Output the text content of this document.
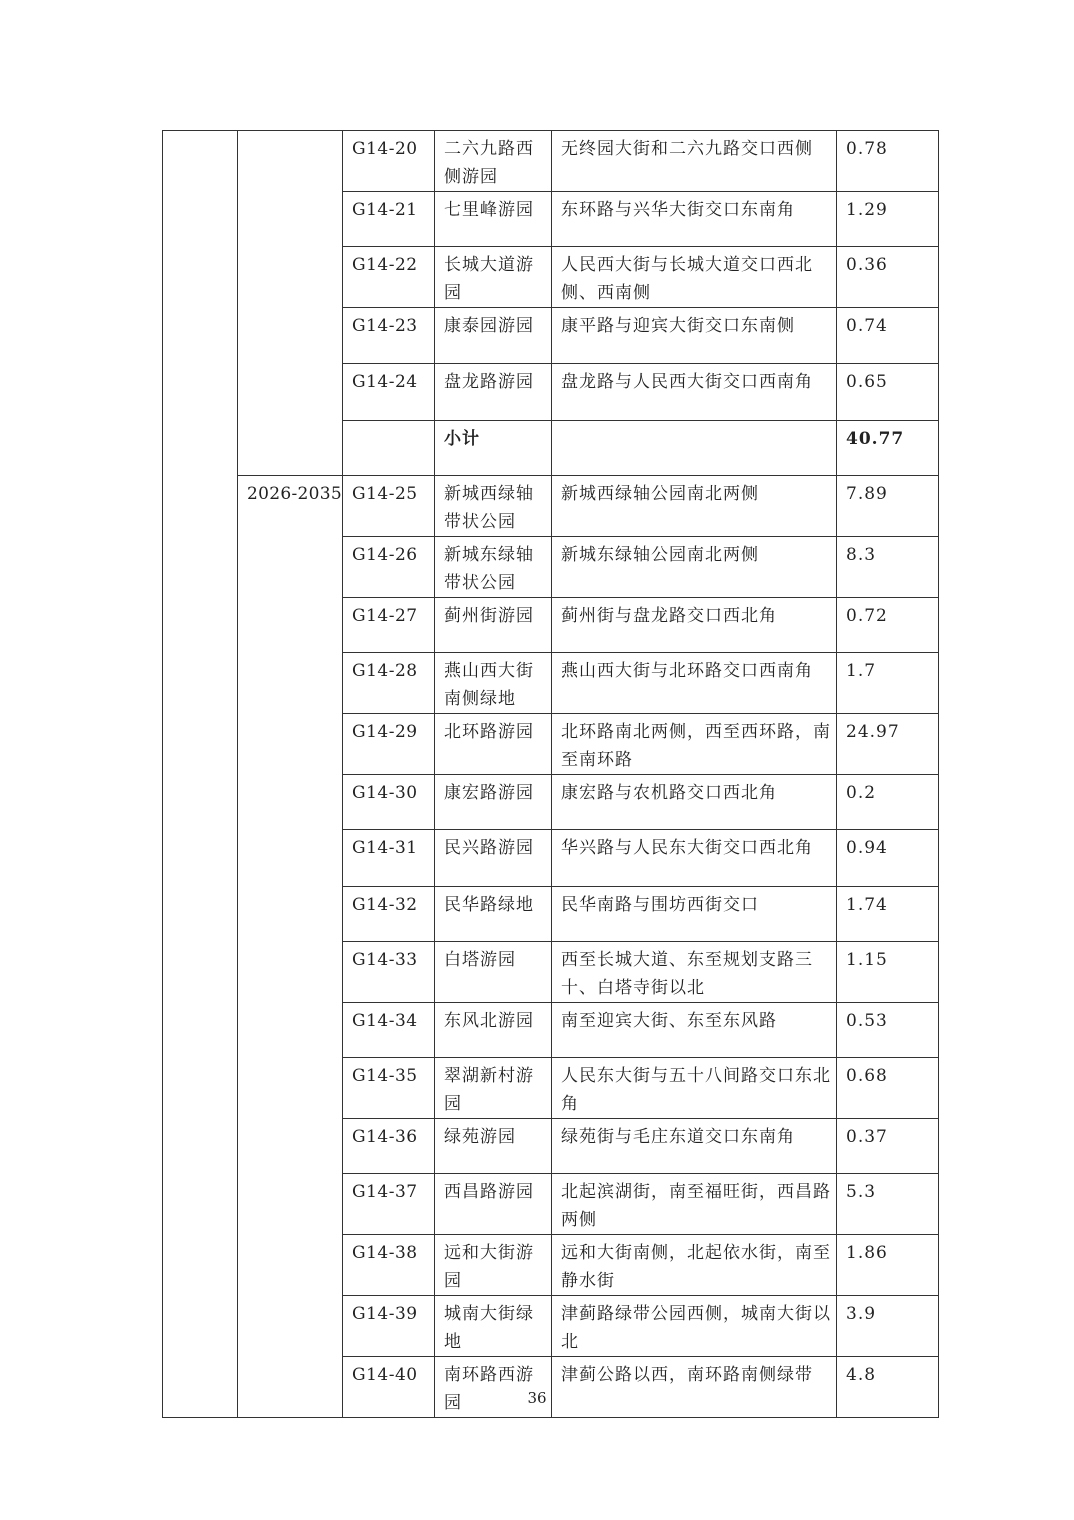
		G14-20	二六九路西侧游园	无终园大街和二六九路交口西侧	0.78
		G14-21	七里峰游园	东环路与兴华大街交口东南角	1.29
		G14-22	长城大道游园	人民西大街与长城大道交口西北侧、西南侧	0.36
		G14-23	康泰园游园	康平路与迎宾大街交口东南侧	0.74
		G14-24	盘龙路游园	盘龙路与人民西大街交口西南角	0.65
			小计		40.77
	2026-2035	G14-25	新城西绿轴带状公园	新城西绿轴公园南北两侧	7.89
		G14-26	新城东绿轴带状公园	新城东绿轴公园南北两侧	8.3
		G14-27	蓟州街游园	蓟州街与盘龙路交口西北角	0.72
		G14-28	燕山西大街南侧绿地	燕山西大街与北环路交口西南角	1.7
		G14-29	北环路游园	北环路南北两侧，西至西环路，南至南环路	24.97
		G14-30	康宏路游园	康宏路与农机路交口西北角	0.2
		G14-31	民兴路游园	华兴路与人民东大街交口西北角	0.94
		G14-32	民华路绿地	民华南路与围坊西街交口	1.74
		G14-33	白塔游园	西至长城大道、东至规划支路三十、白塔寺街以北	1.15
		G14-34	东风北游园	南至迎宾大街、东至东风路	0.53
		G14-35	翠湖新村游园	人民东大街与五十八间路交口东北角	0.68
		G14-36	绿苑游园	绿苑街与毛庄东道交口东南角	0.37
		G14-37	西昌路游园	北起滨湖街，南至福旺街，西昌路两侧	5.3
		G14-38	远和大街游园	远和大街南侧，北起依水街，南至静水街	1.86
		G14-39	城南大街绿地	津蓟路绿带公园西侧，城南大街以北	3.9
		G14-40	南环路西游园	津蓟公路以西，南环路南侧绿带	4.8
36
